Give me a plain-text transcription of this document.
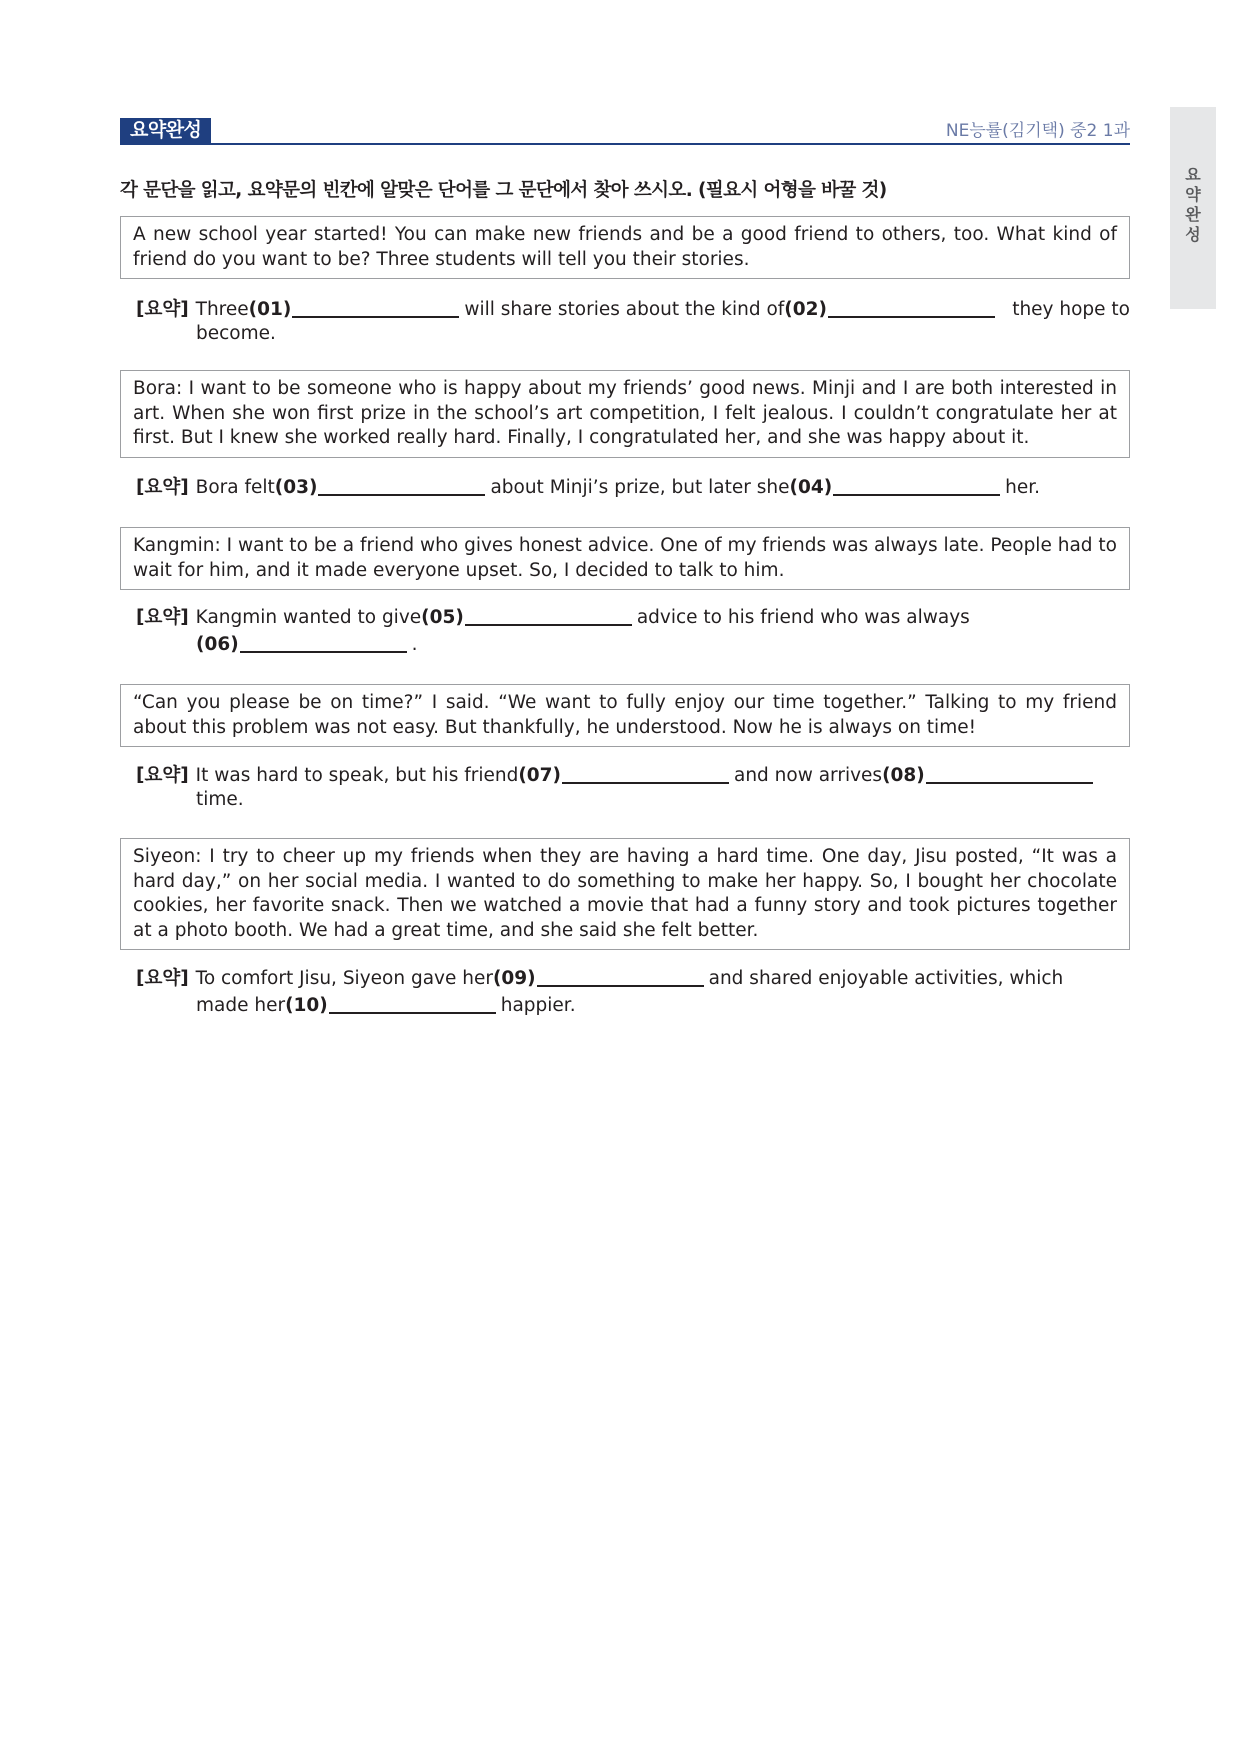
요약완성	NE능률(김기택) 중2 1과
요
약
완
성
각 문단을 읽고, 요약문의 빈칸에 알맞은 단어를 그 문단에서 찾아 쓰시오. (필요시 어형을 바꿀 것)
A new school year started! You can make new friends and be a good friend to others, too. What kind of friend do you want to be? Three students will tell you their stories.
[요약] Three (01)	will share stories about the kind of (02)	they hope to
become.
Bora: I want to be someone who is happy about my friends’ good news. Minji and I are both interested in art. When she won first prize in the school’s art competition, I felt jealous. I couldn’t congratulate her at first. But I knew she worked really hard. Finally, I congratulated her, and she was happy about it.
[요약] Bora felt (03)	about Minji’s prize, but later she (04)	her.
Kangmin: I want to be a friend who gives honest advice. One of my friends was always late. People had to wait for him, and it made everyone upset. So, I decided to talk to him.
[요약] Kangmin wanted to give (05)	advice to his friend who was always
(06)	.
“Can you please be on time?” I said. “We want to fully enjoy our time together.” Talking to my friend about this problem was not easy. But thankfully, he understood. Now he is always on time!
[요약] It was hard to speak, but his friend (07)	and now arrives (08)
time.
Siyeon: I try to cheer up my friends when they are having a hard time. One day, Jisu posted, “It was a hard day,” on her social media. I wanted to do something to make her happy. So, I bought her chocolate cookies, her favorite snack. Then we watched a movie that had a funny story and took pictures together at a photo booth. We had a great time, and she said she felt better.
[요약] To comfort Jisu, Siyeon gave her (09)	and shared enjoyable activities, which
made her (10)	happier.
